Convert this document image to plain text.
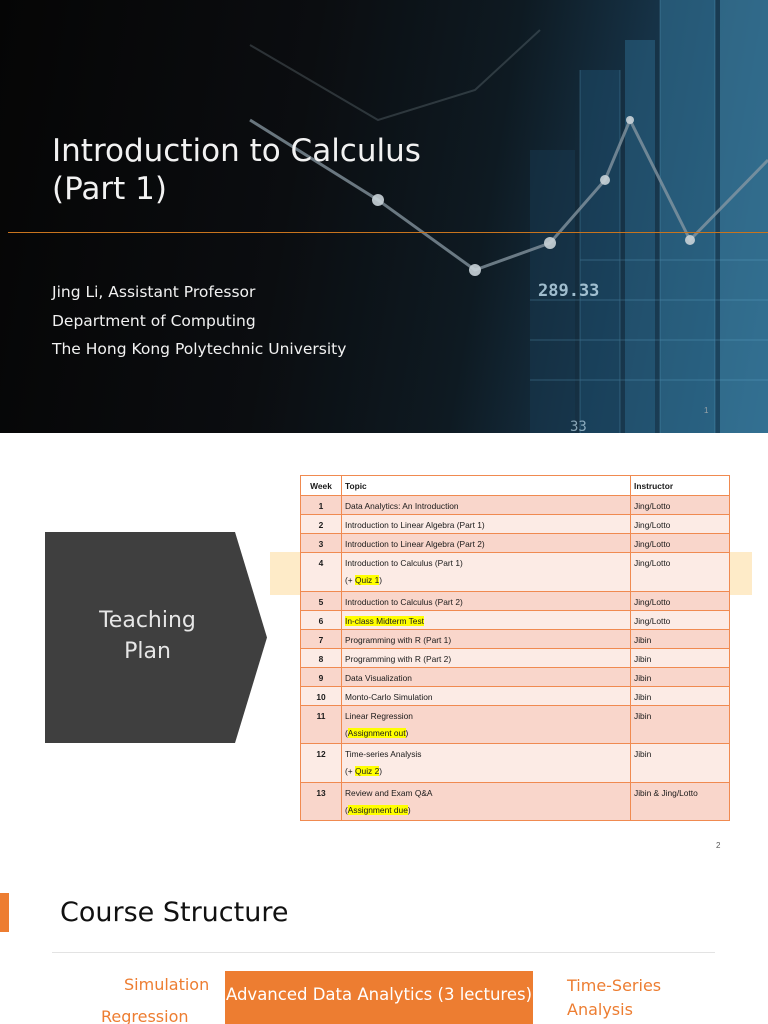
289.33
33
Introduction to Calculus
(Part 1)
Jing Li, Assistant Professor
Department of Computing
The Hong Kong Polytechnic University
1
Teaching
Plan
Week	Topic	Instructor
1	Data Analytics: An Introduction	Jing/Lotto
2	Introduction to Linear Algebra (Part 1)	Jing/Lotto
3	Introduction to Linear Algebra (Part 2)	Jing/Lotto
4	Introduction to Calculus (Part 1)
(+ Quiz 1)	Jing/Lotto
5	Introduction to Calculus (Part 2)	Jing/Lotto
6	In-class Midterm Test	Jing/Lotto
7	Programming with R (Part 1)	Jibin
8	Programming with R (Part 2)	Jibin
9	Data Visualization	Jibin
10	Monto-Carlo Simulation	Jibin
11	Linear Regression
(Assignment out)	Jibin
12	Time-series Analysis
(+ Quiz 2)	Jibin
13	Review and Exam Q&A
(Assignment due)	Jibin & Jing/Lotto
2
Course Structure
Simulation
Regression
Advanced Data Analytics (3 lectures) Time-Series
Analysis
